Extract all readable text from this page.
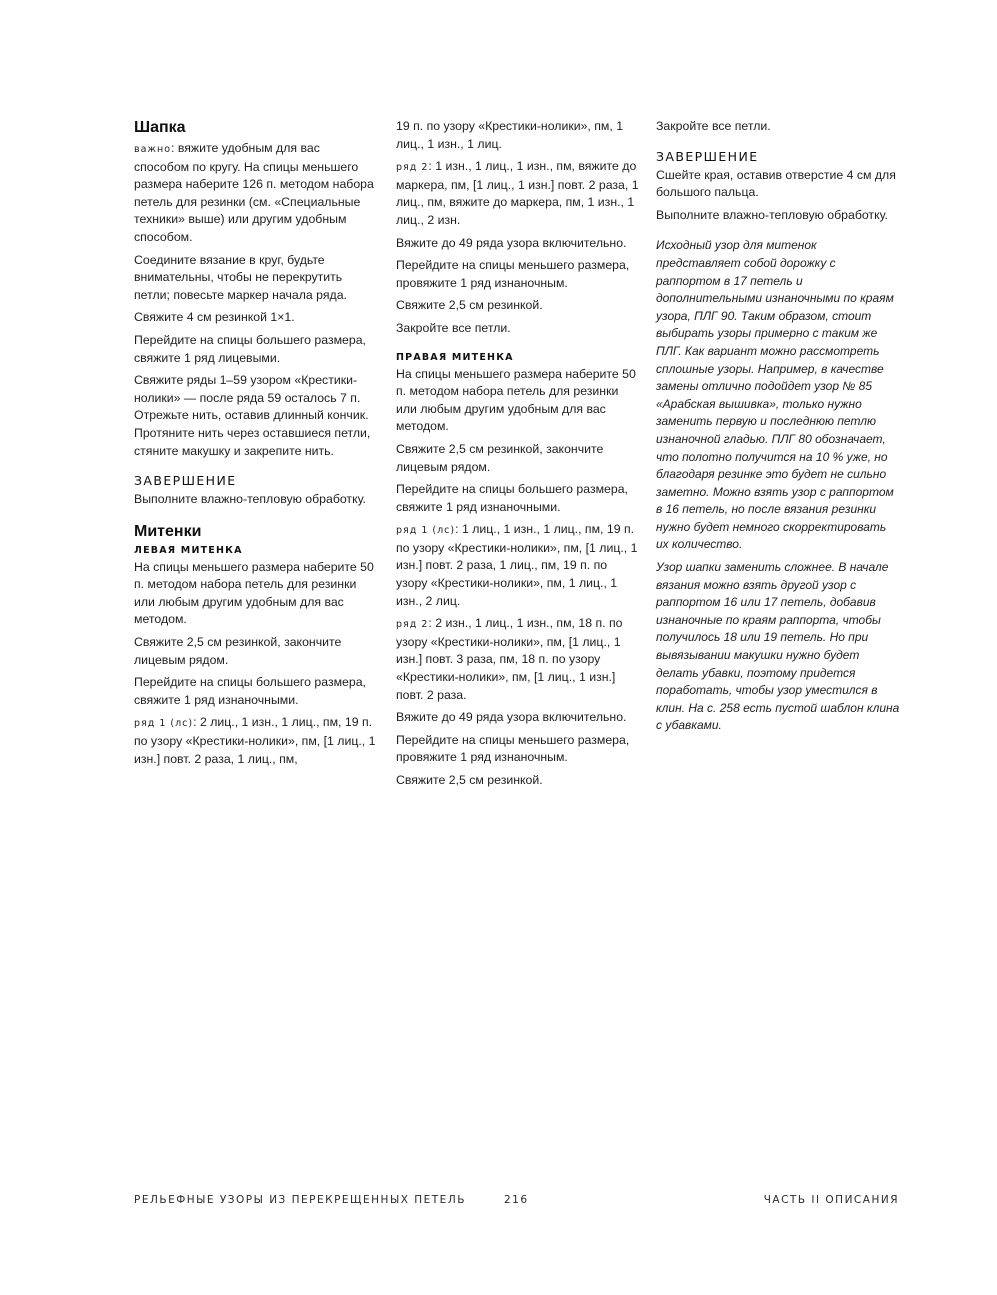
Шапка

важно: вяжите удобным для вас способом по кругу. На спицы меньшего размера наберите 126 п. методом набора петель для резинки (см. «Специальные техники» выше) или другим удобным способом.

Соедините вязание в круг, будьте внимательны, чтобы не перекрутить петли; повесьте маркер начала ряда.

Свяжите 4 см резинкой 1×1.

Перейдите на спицы большего размера, свяжите 1 ряд лицевыми.

Свяжите ряды 1–59 узором «Крестики-нолики» — после ряда 59 осталось 7 п. Отрежьте нить, оставив длинный кончик. Протяните нить через оставшиеся петли, стяните макушку и закрепите нить.

ЗАВЕРШЕНИЕ

Выполните влажно-тепловую обработку.

Митенки
ЛЕВАЯ МИТЕНКА

На спицы меньшего размера наберите 50 п. методом набора петель для резинки или любым другим удобным для вас методом.

Свяжите 2,5 см резинкой, закончите лицевым рядом.

Перейдите на спицы большего размера, свяжите 1 ряд изнаночными.

ряд 1 (лс): 2 лиц., 1 изн., 1 лиц., пм, 19 п. по узору «Крестики-нолики», пм, [1 лиц., 1 изн.] повт. 2 раза, 1 лиц., пм,

19 п. по узору «Крестики-нолики», пм, 1 лиц., 1 изн., 1 лиц.

ряд 2: 1 изн., 1 лиц., 1 изн., пм, вяжите до маркера, пм, [1 лиц., 1 изн.] повт. 2 раза, 1 лиц., пм, вяжите до маркера, пм, 1 изн., 1 лиц., 2 изн.

Вяжите до 49 ряда узора включительно.

Перейдите на спицы меньшего размера, провяжите 1 ряд изнаночным.

Свяжите 2,5 см резинкой.

Закройте все петли.

ПРАВАЯ МИТЕНКА

На спицы меньшего размера наберите 50 п. методом набора петель для резинки или любым другим удобным для вас методом.

Свяжите 2,5 см резинкой, закончите лицевым рядом.

Перейдите на спицы большего размера, свяжите 1 ряд изнаночными.

ряд 1 (лс): 1 лиц., 1 изн., 1 лиц., пм, 19 п. по узору «Крестики-нолики», пм, [1 лиц., 1 изн.] повт. 2 раза, 1 лиц., пм, 19 п. по узору «Крестики-нолики», пм, 1 лиц., 1 изн., 2 лиц.

ряд 2: 2 изн., 1 лиц., 1 изн., пм, 18 п. по узору «Крестики-нолики», пм, [1 лиц., 1 изн.] повт. 3 раза, пм, 18 п. по узору «Крестики-нолики», пм, [1 лиц., 1 изн.] повт. 2 раза.

Вяжите до 49 ряда узора включительно.

Перейдите на спицы меньшего размера, провяжите 1 ряд изнаночным.

Свяжите 2,5 см резинкой.

Закройте все петли.

ЗАВЕРШЕНИЕ

Сшейте края, оставив отверстие 4 см для большого пальца.

Выполните влажно-тепловую обработку.

Исходный узор для митенок представляет собой дорожку с раппортом в 17 петель и дополнительными изнаночными по краям узора, ПЛГ 90. Таким образом, стоит выбирать узоры примерно с таким же ПЛГ. Как вариант можно рассмотреть сплошные узоры. Например, в качестве замены отлично подойдет узор № 85 «Арабская вышивка», только нужно заменить первую и последнюю петлю изнаночной гладью. ПЛГ 80 обозначает, что полотно получится на 10 % уже, но благодаря резинке это будет не сильно заметно. Можно взять узор с раппортом в 16 петель, но после вязания резинки нужно будет немного скорректировать их количество.

Узор шапки заменить сложнее. В начале вязания можно взять другой узор с раппортом 16 или 17 петель, добавив изнаночные по краям раппорта, чтобы получилось 18 или 19 петель. Но при вывязывании макушки нужно будет делать убавки, поэтому придется поработать, чтобы узор уместился в клин. На с. 258 есть пустой шаблон клина с убавками.

РЕЛЬЕФНЫЕ УЗОРЫ ИЗ ПЕРЕКРЕЩЕННЫХ ПЕТЕЛЬ	216	ЧАСТЬ II ОПИСАНИЯ
